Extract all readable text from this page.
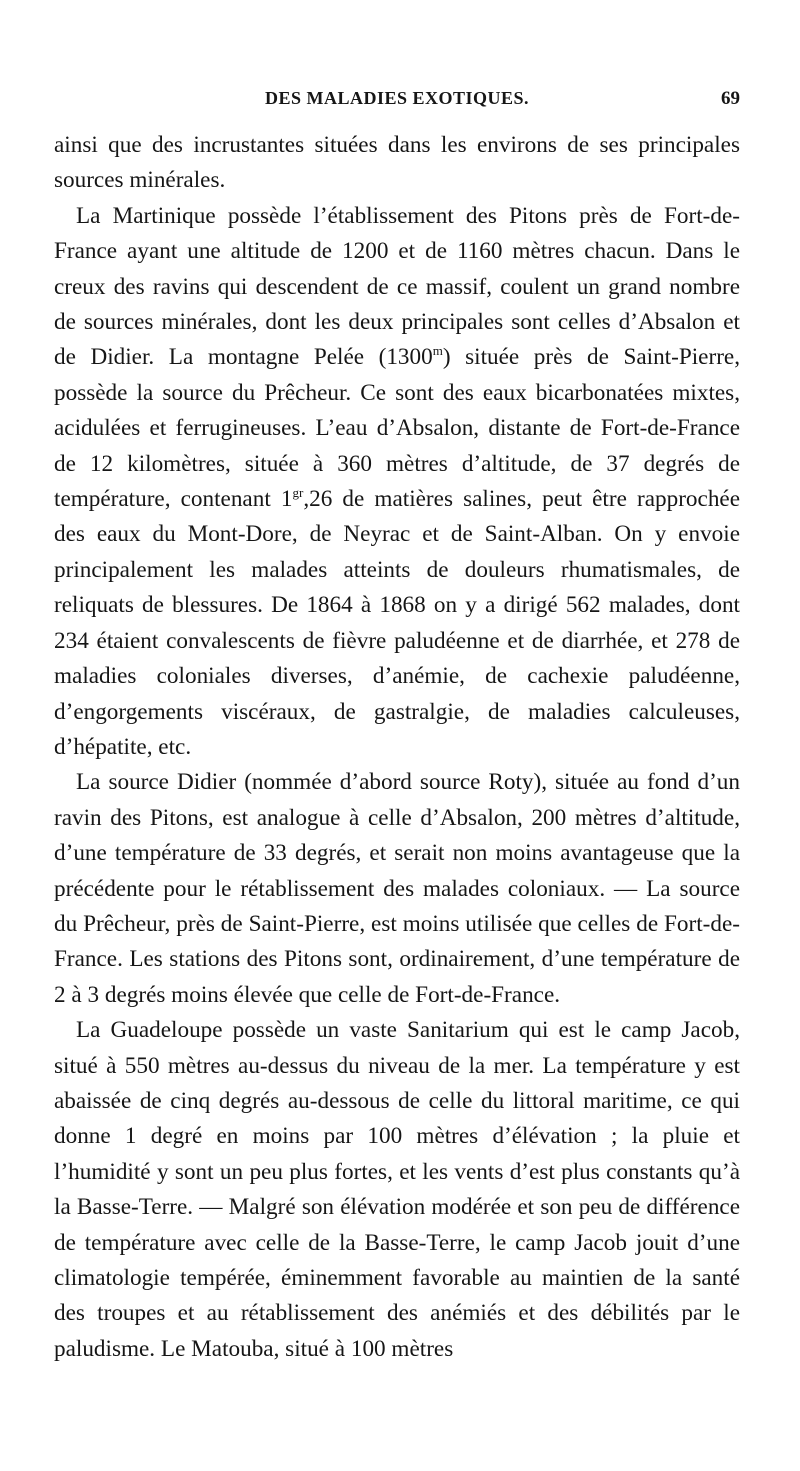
DES MALADIES EXOTIQUES.	69

ainsi que des incrustantes situées dans les environs de ses principales sources minérales.

La Martinique possède l’établissement des Pitons près de Fort-de-France ayant une altitude de 1200 et de 1160 mètres chacun. Dans le creux des ravins qui descendent de ce massif, coulent un grand nombre de sources minérales, dont les deux principales sont celles d’Absalon et de Didier. La montagne Pelée (1300$^m$) située près de Saint-Pierre, possède la source du Prêcheur. Ce sont des eaux bicarbonatées mixtes, acidulées et ferrugineuses. L’eau d’Absalon, distante de Fort-de-France de 12 kilomètres, située à 360 mètres d’altitude, de 37 degrés de température, contenant $1^{gr},26$ de matières salines, peut être rapprochée des eaux du Mont-Dore, de Neyrac et de Saint-Alban. On y envoie principalement les malades atteints de douleurs rhumatismales, de reliquats de blessures. De 1864 à 1868 on y a dirigé 562 malades, dont 234 étaient convalescents de fièvre paludéenne et de diarrhée, et 278 de maladies coloniales diverses, d’anémie, de cachexie paludéenne, d’engorgements viscéraux, de gastralgie, de maladies calculeuses, d’hépatite, etc.

La source Didier (nommée d’abord source Roty), située au fond d’un ravin des Pitons, est analogue à celle d’Absalon, 200 mètres d’altitude, d’une température de 33 degrés, et serait non moins avantageuse que la précédente pour le rétablissement des malades coloniaux. — La source du Prêcheur, près de Saint-Pierre, est moins utilisée que celles de Fort-de-France. Les stations des Pitons sont, ordinairement, d’une température de 2 à 3 degrés moins élevée que celle de Fort-de-France.

La Guadeloupe possède un vaste Sanitarium qui est le camp Jacob, situé à 550 mètres au-dessus du niveau de la mer. La température y est abaissée de cinq degrés au-dessous de celle du littoral maritime, ce qui donne 1 degré en moins par 100 mètres d’élévation ; la pluie et l’humidité y sont un peu plus fortes, et les vents d’est plus constants qu’à la Basse-Terre. — Malgré son élévation modérée et son peu de différence de température avec celle de la Basse-Terre, le camp Jacob jouit d’une climatologie tempérée, éminemment favorable au maintien de la santé des troupes et au rétablissement des anémiés et des débilités par le paludisme. Le Matouba, situé à 100 mètres
